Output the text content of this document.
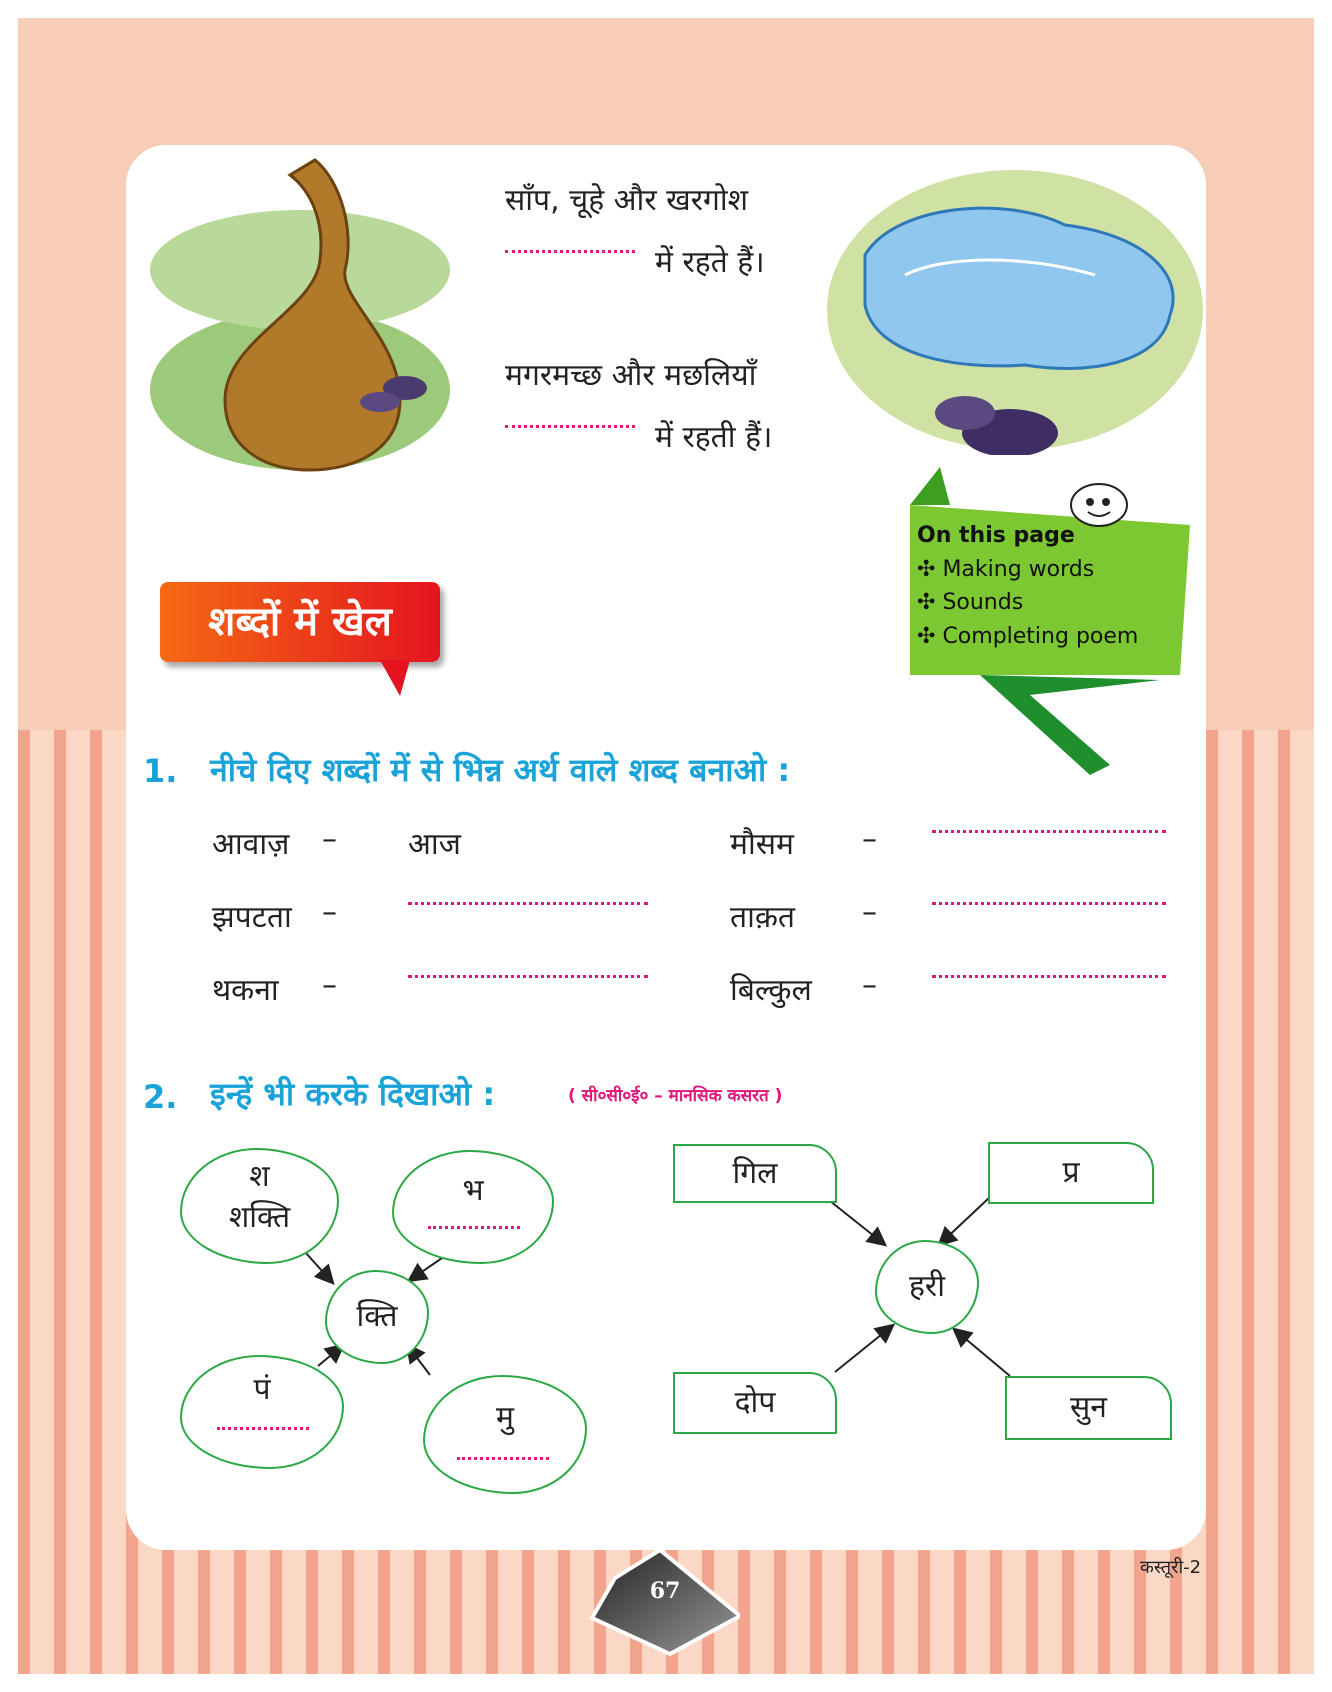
साँप, चूहे और खरगोश
में रहते हैं।
मगरमच्छ और मछलियाँ
में रहती हैं।
शब्दों में खेल
On this page
✣ Making words
✣ Sounds
✣ Completing poem
1. नीचे दिए शब्दों में से भिन्न अर्थ वाले शब्द बनाओ :
आवाज़ – आज
झपटता –
थकना –
मौसम –
ताक़त –
बिल्कुल –
2. इन्हें भी करके दिखाओ :	( सी०सी०ई० – मानसिक कसरत )
श
शक्ति
भ
क्ति
पं
मु
गिल	प्र
हरी
दोप	सुन
67
कस्तूरी-2
